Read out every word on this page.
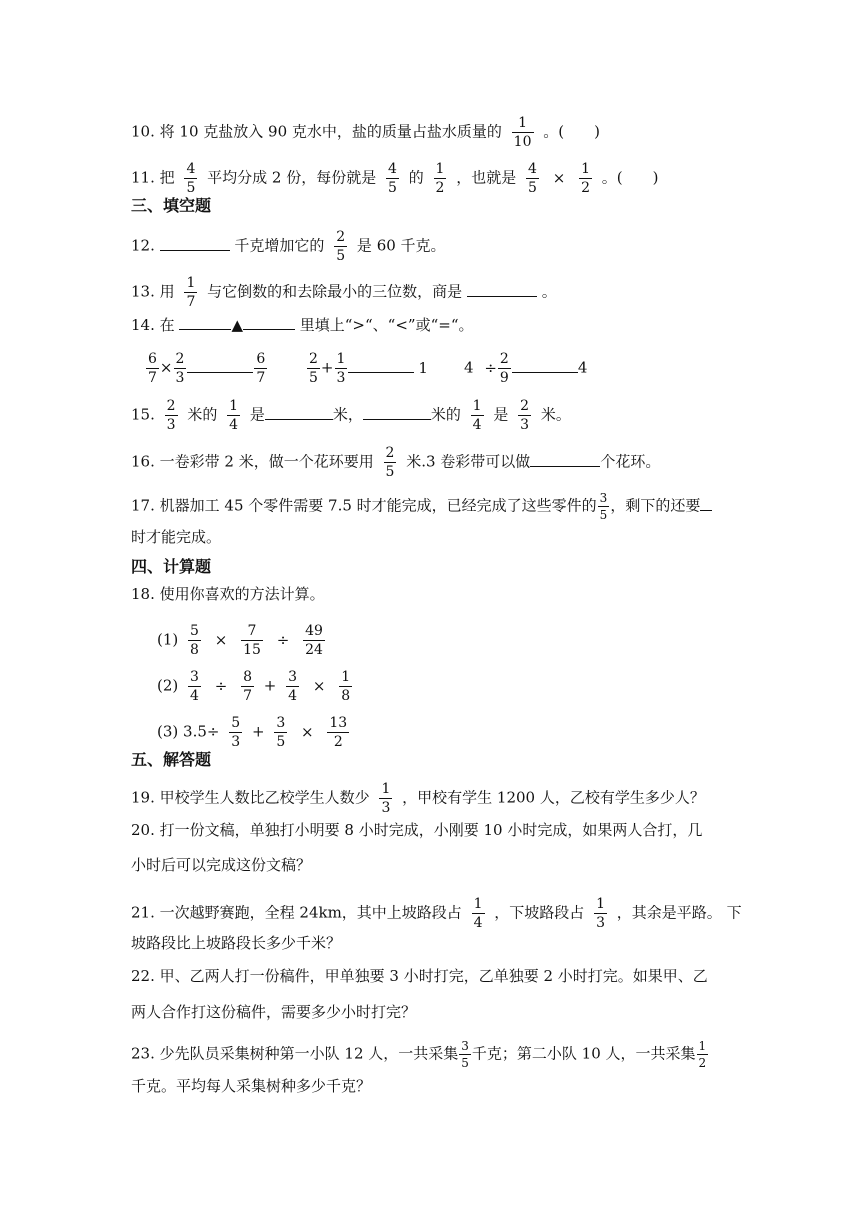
10. 将 10 克盐放入 90 克水中，盐的质量占盐水质量的 $\frac{1}{10}$ 。(　　)
11. 把 $\frac{4}{5}$ 平均分成 2 份，每份就是 $\frac{4}{5}$ 的 $\frac{1}{2}$ ，也就是 $\frac{4}{5} \times \frac{1}{2}$ 。(　　)
三、填空题
12.	千克增加它的 $\frac{2}{5}$ 是 60 千克。
13. 用 $\frac{1}{7}$ 与它倒数的和去除最小的三位数，商是	。
14. 在	▲	里填上“>“、“<”或“=“。
$\frac{6}{7} \times \frac{2}{3}$	$\frac{6}{7}$	$\frac{2}{5} + \frac{1}{3}$	1 $4 \div \frac{2}{9}$	4
15. $\frac{2}{3}$ 米的 $\frac{1}{4}$ 是	米，	米的 $\frac{1}{4}$ 是 $\frac{2}{3}$ 米。
16. 一卷彩带 2 米，做一个花环要用 $\frac{2}{5}$ 米.3 卷彩带可以做	个花环。
17. 机器加工 45 个零件需要 7.5 时才能完成，已经完成了这些零件的 $\frac{3}{5}$ ，剩下的还要
时才能完成。
四、计算题
18. 使用你喜欢的方法计算。
$(1) \frac{5}{8} \times \frac{7}{15} \div \frac{49}{24}$
$(2) \frac{3}{4} \div \frac{8}{7} + \frac{3}{4} \times \frac{1}{8}$
(3) $3.5\div \frac{5}{3} + \frac{3}{5} \times \frac{13}{2}$
五、解答题
19. 甲校学生人数比乙校学生人数少 $\frac{1}{3}$ ，甲校有学生 1200 人，乙校有学生多少人？
20. 打一份文稿，单独打小明要 8 小时完成，小刚要 10 小时完成，如果两人合打，几
小时后可以完成这份文稿？
21. 一次越野赛跑，全程 24km，其中上坡路段占 $\frac{1}{4}$ ，下坡路段占 $\frac{1}{3}$ ，其余是平路。 下
坡路段比上坡路段长多少千米？
22. 甲、乙两人打一份稿件，甲单独要 3 小时打完，乙单独要 2 小时打完。如果甲、乙
两人合作打这份稿件，需要多少小时打完？
23. 少先队员采集树种第一小队 12 人，一共采集 $\frac{3}{5}$ 千克；第二小队 10 人，一共采集 $\frac{1}{2}$
千克。平均每人采集树种多少千克？
